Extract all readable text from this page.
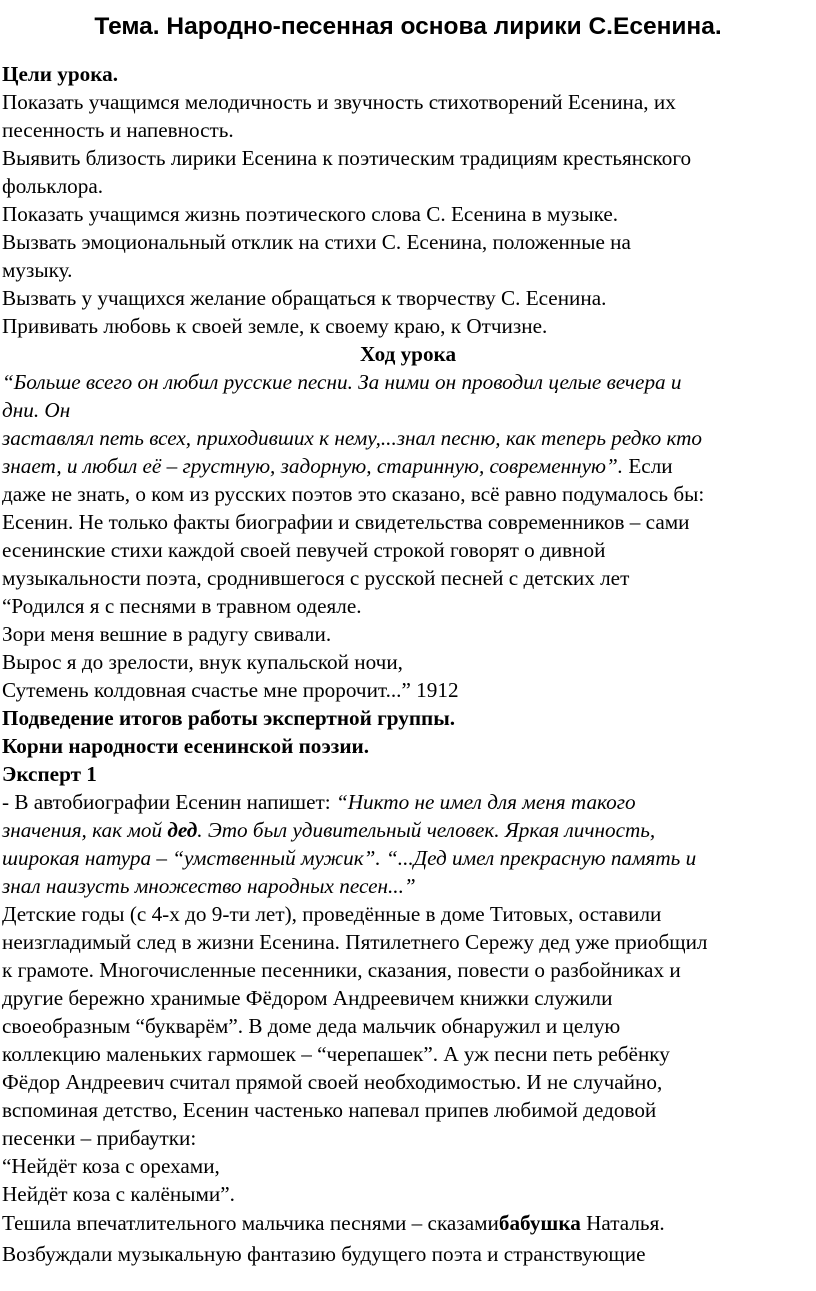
Тема. Народно-песенная основа лирики С.Есенина.
Цели урока.
Показать учащимся мелодичность и звучность стихотворений Есенина, их
песенность и напевность.
Выявить близость лирики Есенина к поэтическим традициям крестьянского
фольклора.
Показать учащимся жизнь поэтического слова С. Есенина в музыке.
Вызвать эмоциональный отклик на стихи С. Есенина, положенные на
музыку.
Вызвать у учащихся желание обращаться к творчеству С. Есенина.
Прививать любовь к своей земле, к своему краю, к Отчизне.
Ход урока
“Больше всего он любил русские песни. За ними он проводил целые вечера и
дни. Он
заставлял петь всех, приходивших к нему,...знал песню, как теперь редко кто
знает, и любил её – грустную, задорную, старинную, современную”. Если
даже не знать, о ком из русских поэтов это сказано, всё равно подумалось бы:
Есенин. Не только факты биографии и свидетельства современников – сами
есенинские стихи каждой своей певучей строкой говорят о дивной
музыкальности поэта, сроднившегося с русской песней с детских лет
“Родился я с песнями в травном одеяле.
Зори меня вешние в радугу свивали.
Вырос я до зрелости, внук купальской ночи,
Сутемень колдовная счастье мне пророчит...” 1912
Подведение итогов работы экспертной группы.
Корни народности есенинской поэзии.
Эксперт 1
- В автобиографии Есенин напишет: “Никто не имел для меня такого
значения, как мой дед. Это был удивительный человек. Яркая личность,
широкая натура – “умственный мужик”. “...Дед имел прекрасную память и
знал наизусть множество народных песен...”
Детские годы (с 4-х до 9-ти лет), проведённые в доме Титовых, оставили
неизгладимый след в жизни Есенина. Пятилетнего Сережу дед уже приобщил
к грамоте. Многочисленные песенники, сказания, повести о разбойниках и
другие бережно хранимые Фёдором Андреевичем книжки служили
своеобразным “букварём”. В доме деда мальчик обнаружил и целую
коллекцию маленьких гармошек – “черепашек”. А уж песни петь ребёнку
Фёдор Андреевич считал прямой своей необходимостью. И не случайно,
вспоминая детство, Есенин частенько напевал припев любимой дедовой
песенки – прибаутки:
“Нейдёт коза с орехами,
Нейдёт коза с калёными”.
Тешила впечатлительного мальчика песнями – сказамибабушка Наталья.
Возбуждали музыкальную фантазию будущего поэта и странствующие
